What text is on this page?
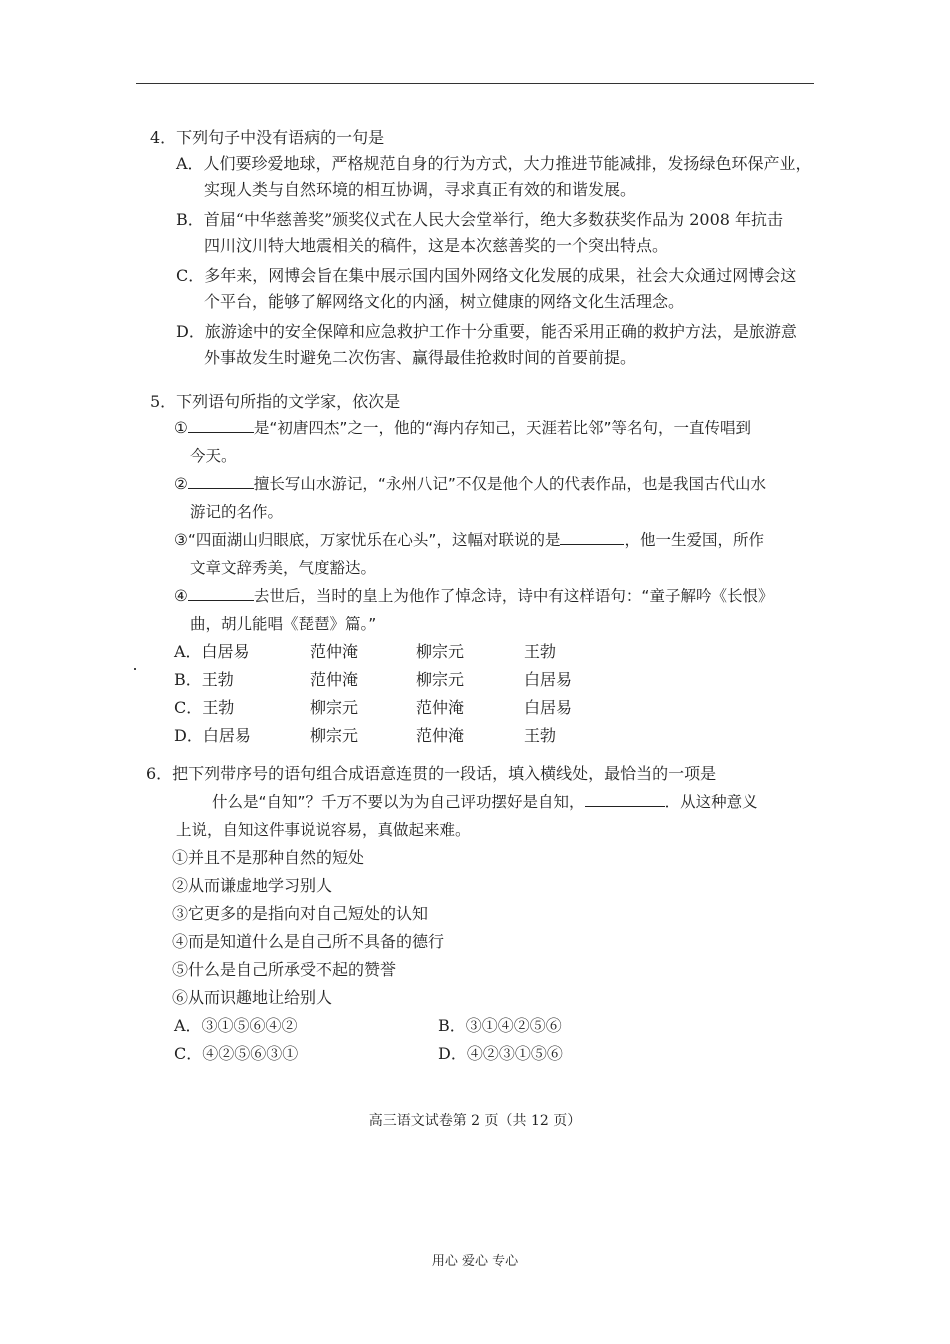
4．下列句子中没有语病的一句是
A．人们要珍爱地球，严格规范自身的行为方式，大力推进节能减排，发扬绿色环保产业，
实现人类与自然环境的相互协调，寻求真正有效的和谐发展。
B．首届“中华慈善奖”颁奖仪式在人民大会堂举行，绝大多数获奖作品为 2008 年抗击
四川汶川特大地震相关的稿件，这是本次慈善奖的一个突出特点。
C．多年来，网博会旨在集中展示国内国外网络文化发展的成果，社会大众通过网博会这
个平台，能够了解网络文化的内涵，树立健康的网络文化生活理念。
D．旅游途中的安全保障和应急救护工作十分重要，能否采用正确的救护方法，是旅游意
外事故发生时避免二次伤害、赢得最佳抢救时间的首要前提。
5．下列语句所指的文学家，依次是
①	是“初唐四杰”之一，他的“海内存知己，天涯若比邻”等名句，一直传唱到
今天。
②	擅长写山水游记，“永州八记”不仅是他个人的代表作品，也是我国古代山水
游记的名作。
③“四面湖山归眼底，万家忧乐在心头”，这幅对联说的是	，他一生爱国，所作
文章文辞秀美，气度豁达。
④	去世后，当时的皇上为他作了悼念诗，诗中有这样语句：“童子解吟《长恨》
曲，胡儿能唱《琵琶》篇。”
A．白居易	范仲淹	柳宗元	王勃
B．王勃	范仲淹	柳宗元	白居易
C．王勃	柳宗元	范仲淹	白居易
D．白居易	柳宗元	范仲淹	王勃
6．把下列带序号的语句组合成语意连贯的一段话，填入横线处，最恰当的一项是
什么是“自知”？千万不要以为为自己评功摆好是自知，	．从这种意义
上说，自知这件事说说容易，真做起来难。
①并且不是那种自然的短处
②从而谦虚地学习别人
③它更多的是指向对自己短处的认知
④而是知道什么是自己所不具备的德行
⑤什么是自己所承受不起的赞誉
⑥从而识趣地让给别人
A．③①⑤⑥④②	B．③①④②⑤⑥
C．④②⑤⑥③①	D．④②③①⑤⑥
高三语文试卷第 2 页（共 12 页）
用心 爱心 专心
